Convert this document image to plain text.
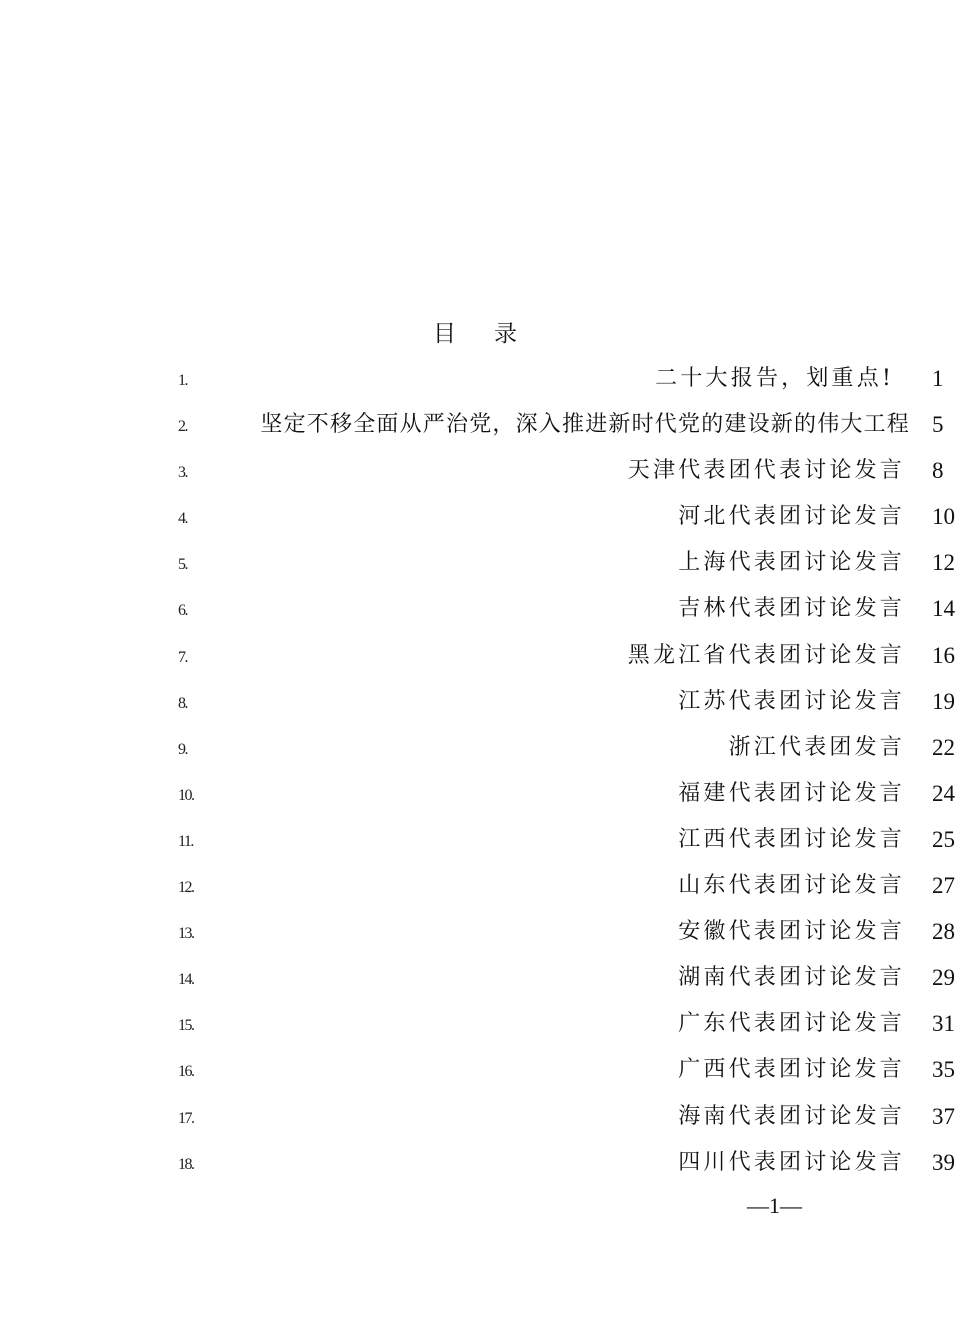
目 录
1.	二十大报告，划重点! 1
2.	坚定不移全面从严治党，深入推进新时代党的建设新的伟大工程 5
3.	天津代表团代表讨论发言 8
4.	河北代表团讨论发言 10
5.	上海代表团讨论发言 12
6.	吉林代表团讨论发言 14
7.	黑龙江省代表团讨论发言 16
8.	江苏代表团讨论发言 19
9.	浙江代表团发言 22
10.	福建代表团讨论发言 24
11.	江西代表团讨论发言 25
12.	山东代表团讨论发言 27
13.	安徽代表团讨论发言 28
14.	湖南代表团讨论发言 29
15.	广东代表团讨论发言 31
16.	广西代表团讨论发言 35
17.	海南代表团讨论发言 37
18.	四川代表团讨论发言 39
—1—
